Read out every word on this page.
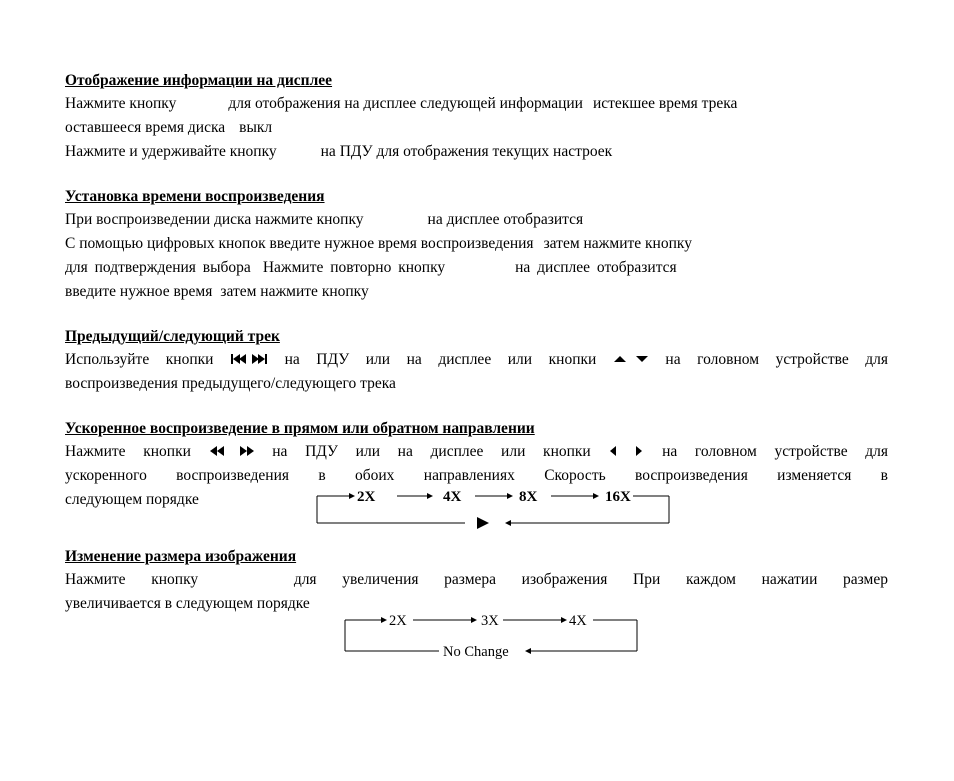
Отображение информации на дисплее

Нажмите кнопку	для отображения на дисплее следующей информации истекшее время трека
оставшееся время диска выкл
Нажмите и удерживайте кнопку	на ПДУ для отображения текущих настроек

Установка времени воспроизведения

При воспроизведении диска нажмите кнопку	на дисплее отобразится
С помощью цифровых кнопок введите нужное время воспроизведения затем нажмите кнопку
для подтверждения выбора Нажмите повторно кнопку	на дисплее отобразится
введите нужное время затем нажмите кнопку

Предыдущий/следующий трек

Используйте кнопки	на ПДУ или на дисплее или кнопки	на головном устройстве для
воспроизведения предыдущего/следующего трека

Ускоренное воспроизведение в прямом или обратном направлении

Нажмите кнопки	на ПДУ или на дисплее или кнопки	на головном устройстве для
ускоренного воспроизведения в обоих направлениях Скорость воспроизведения изменяется в
следующем порядке	2X	4X	8X	16X

Изменение размера изображения

Нажмите кнопку	для увеличения размера изображения При каждом нажатии размер
увеличивается в следующем порядке
2X	3X	4X
No Change
